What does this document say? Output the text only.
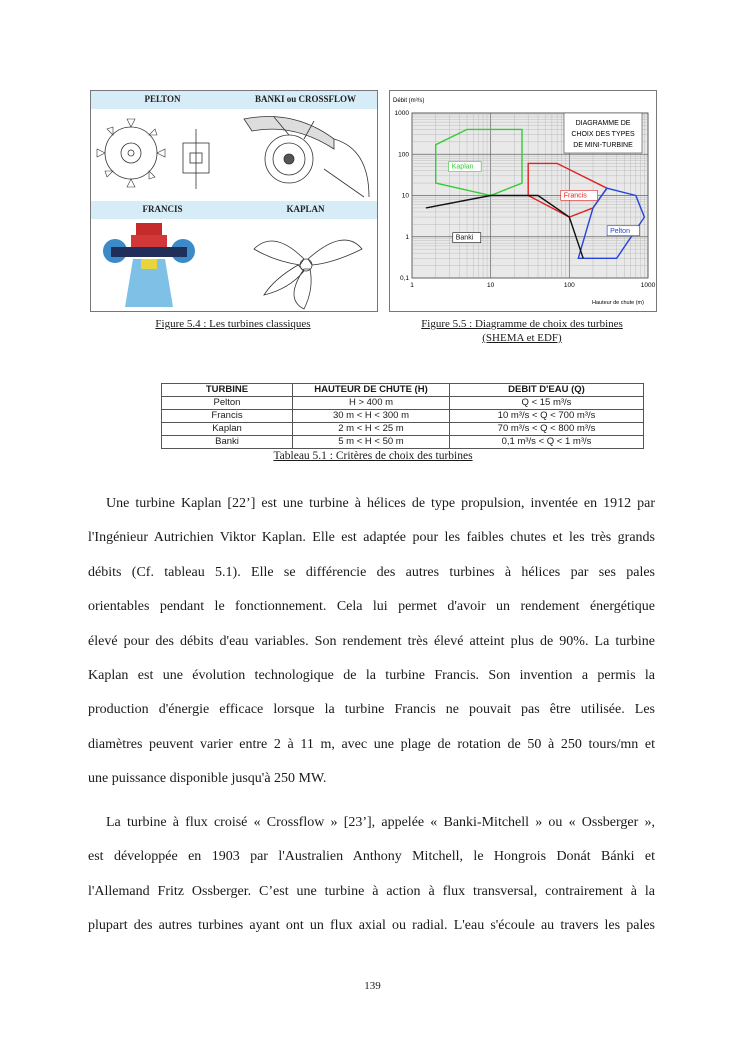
PELTON	BANKI ou CROSSFLOW
FRANCIS	KAPLAN
Figure 5.4 : Les turbines classiques
Débit (m³/s)
Hauteur de chute (m)
1	10	100	1000
1000
100
10
1
0,1
DIAGRAMME DE
CHOIX DES TYPES
DE MINI-TURBINE
Kaplan
Francis
Pelton
Banki
Figure 5.5 : Diagramme de choix des turbines
(SHEMA et EDF)
TURBINE	HAUTEUR DE CHUTE (H)	DEBIT D'EAU (Q)
Pelton	H > 400 m	Q < 15 m³/s
Francis	30 m < H < 300 m	10 m³/s < Q < 700 m³/s
Kaplan	2 m < H < 25 m	70 m³/s < Q < 800 m³/s
Banki	5 m < H < 50 m	0,1 m³/s < Q < 1 m³/s
Tableau 5.1 : Critères de choix des turbines
Une turbine Kaplan [22’] est une turbine à hélices de type propulsion, inventée en 1912 par
l'Ingénieur Autrichien Viktor Kaplan. Elle est adaptée pour les faibles chutes et les très grands
débits (Cf. tableau 5.1). Elle se différencie des autres turbines à hélices par ses pales
orientables pendant le fonctionnement. Cela lui permet d'avoir un rendement énergétique
élevé pour des débits d'eau variables. Son rendement très élevé atteint plus de 90%. La turbine
Kaplan est une évolution technologique de la turbine Francis. Son invention a permis la
production d'énergie efficace lorsque la turbine Francis ne pouvait pas être utilisée. Les
diamètres peuvent varier entre 2 à 11 m, avec une plage de rotation de 50 à 250 tours/mn et
une puissance disponible jusqu'à 250 MW.
La turbine à flux croisé « Crossflow » [23’], appelée « Banki-Mitchell » ou « Ossberger »,
est développée en 1903 par l'Australien Anthony Mitchell, le Hongrois Donát Bánki et
l'Allemand Fritz Ossberger. C’est une turbine à action à flux transversal, contrairement à la
plupart des autres turbines ayant ont un flux axial ou radial. L'eau s'écoule au travers les pales
139
